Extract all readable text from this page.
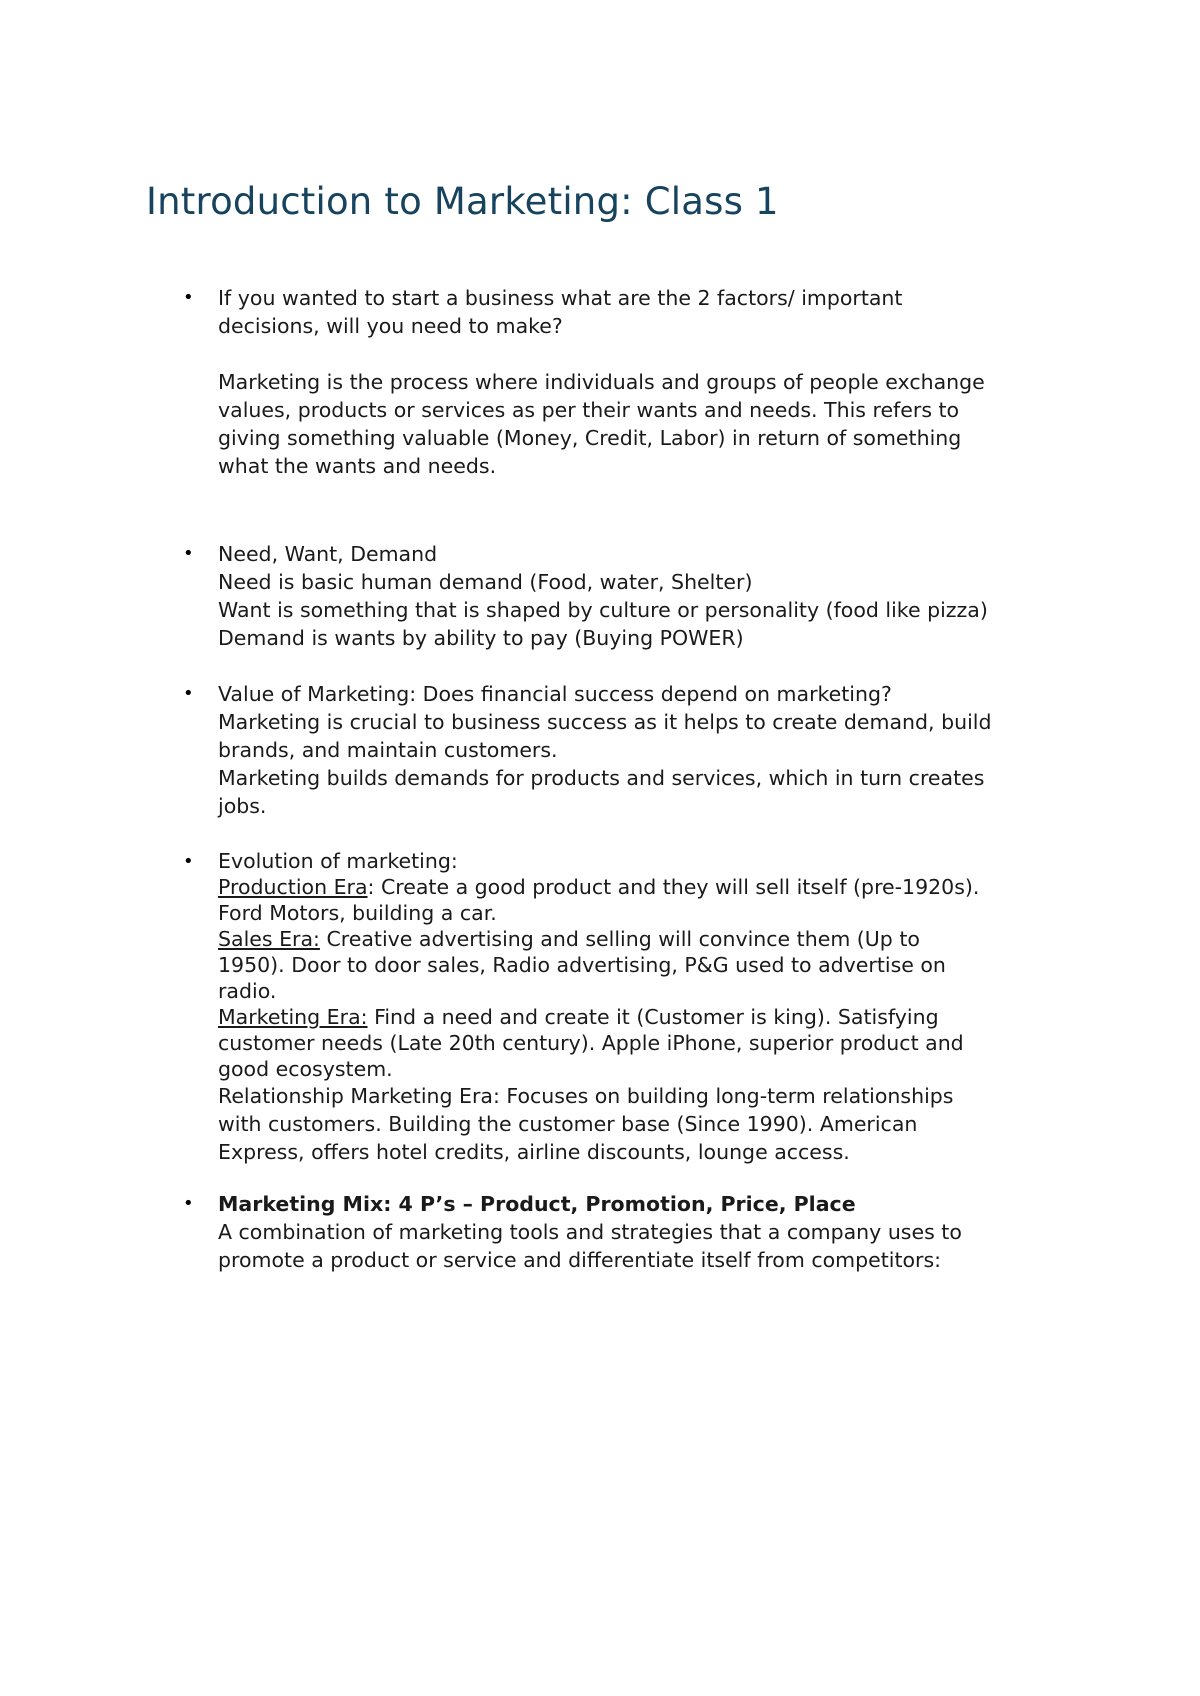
Introduction to Marketing: Class 1
• If you wanted to start a business what are the 2 factors/ important

decisions, will you need to make?

Marketing is the process where individuals and groups of people exchange

values, products or services as per their wants and needs. This refers to

giving something valuable (Money, Credit, Labor) in return of something

what the wants and needs.

• Need, Want, Demand

Need is basic human demand (Food, water, Shelter)

Want is something that is shaped by culture or personality (food like pizza)

Demand is wants by ability to pay (Buying POWER)

• Value of Marketing: Does financial success depend on marketing?

Marketing is crucial to business success as it helps to create demand, build

brands, and maintain customers.

Marketing builds demands for products and services, which in turn creates

jobs.

• Evolution of marketing:

Production Era: Create a good product and they will sell itself (pre-1920s).

Ford Motors, building a car.

Sales Era: Creative advertising and selling will convince them (Up to

1950). Door to door sales, Radio advertising, P&G used to advertise on

radio.

Marketing Era: Find a need and create it (Customer is king). Satisfying

customer needs (Late 20th century). Apple iPhone, superior product and

good ecosystem.

Relationship Marketing Era: Focuses on building long-term relationships

with customers. Building the customer base (Since 1990). American

Express, offers hotel credits, airline discounts, lounge access.

• Marketing Mix: 4 P’s – Product, Promotion, Price, Place

A combination of marketing tools and strategies that a company uses to

promote a product or service and differentiate itself from competitors:
